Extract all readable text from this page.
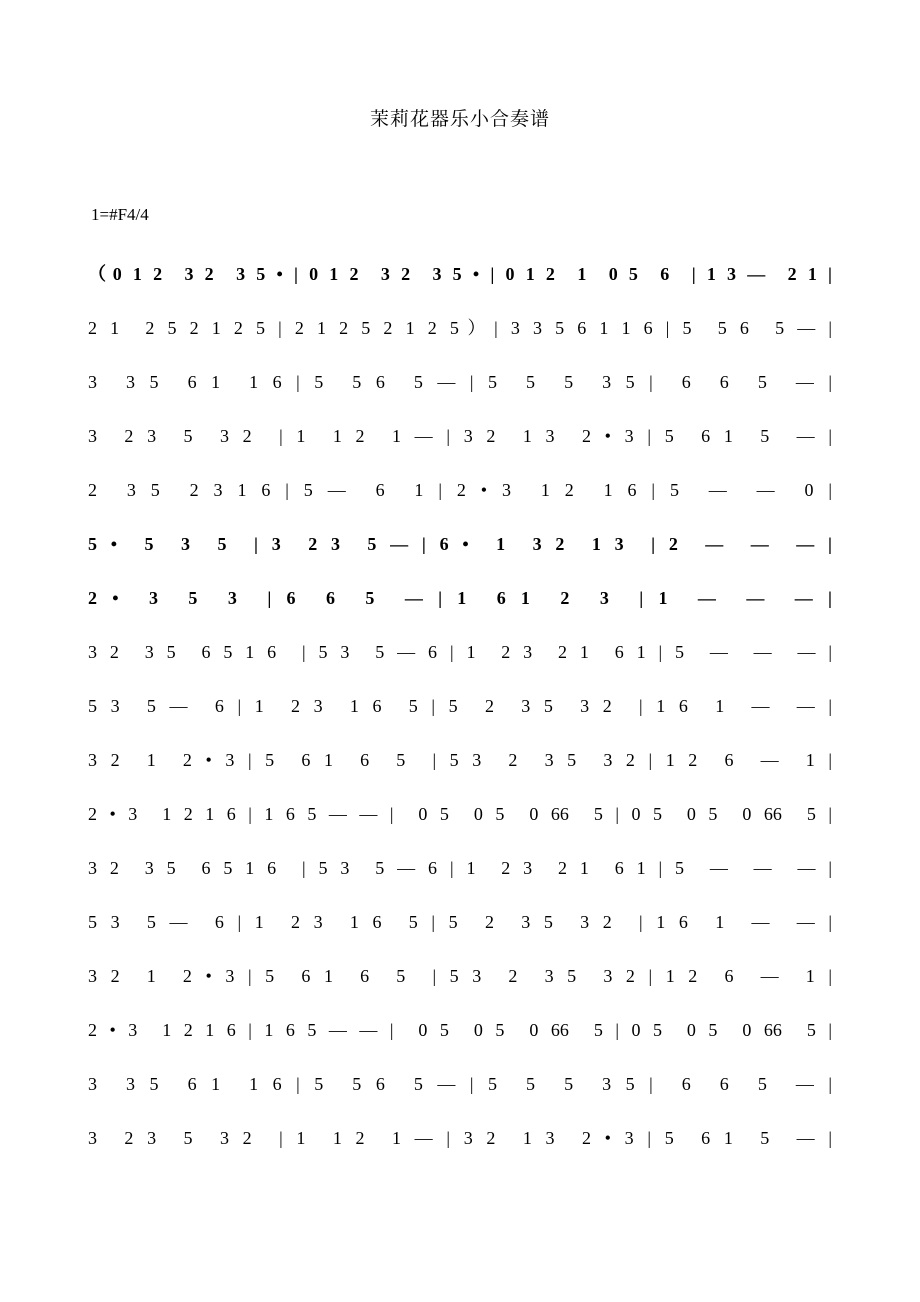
茉莉花器乐小合奏谱
1=#F4/4
（0 1 2  3 2  3 5 • | 0 1 2  3 2  3 5 • | 0 1 2  1  0 5  6  | 1 3 —  2 1 |
2 1  2 5 2 1 2 5 | 2 1 2 5 2 1 2 5）| 3 3 5 6 1 1 6 | 5  5 6  5 — |
3  3 5  6 1  1 6 | 5  5 6  5 — | 5  5  5  3 5 |  6  6  5  — |
3  2 3  5  3 2  | 1  1 2  1 — | 3 2  1 3  2 • 3 | 5  6 1  5  — |
2  3 5  2 3 1 6 | 5 —  6  1 | 2 • 3  1 2  1 6 | 5  —  —  0 |
5 •  5  3  5  | 3  2 3  5 — | 6 •  1  3 2  1 3  | 2  —  —  — |
2 •  3  5  3  | 6  6  5  — | 1  6 1  2  3  | 1  —  —  — |
3 2  3 5  6 5 1 6  | 5 3  5 — 6 | 1  2 3  2 1  6 1 | 5  —  —  — |
5 3  5 —  6 | 1  2 3  1 6  5 | 5  2  3 5  3 2  | 1 6  1  —  — |
3 2  1  2 • 3 | 5  6 1  6  5  | 5 3  2  3 5  3 2 | 1 2  6  —  1 |
2 • 3  1 2 1 6 | 1 6 5 — — |  0 5  0 5  0 66  5 | 0 5  0 5  0 66  5 |
3 2  3 5  6 5 1 6  | 5 3  5 — 6 | 1  2 3  2 1  6 1 | 5  —  —  — |
5 3  5 —  6 | 1  2 3  1 6  5 | 5  2  3 5  3 2  | 1 6  1  —  — |
3 2  1  2 • 3 | 5  6 1  6  5  | 5 3  2  3 5  3 2 | 1 2  6  —  1 |
2 • 3  1 2 1 6 | 1 6 5 — — |  0 5  0 5  0 66  5 | 0 5  0 5  0 66  5 |
3  3 5  6 1  1 6 | 5  5 6  5 — | 5  5  5  3 5 |  6  6  5  — |
3  2 3  5  3 2  | 1  1 2  1 — | 3 2  1 3  2 • 3 | 5  6 1  5  — |
